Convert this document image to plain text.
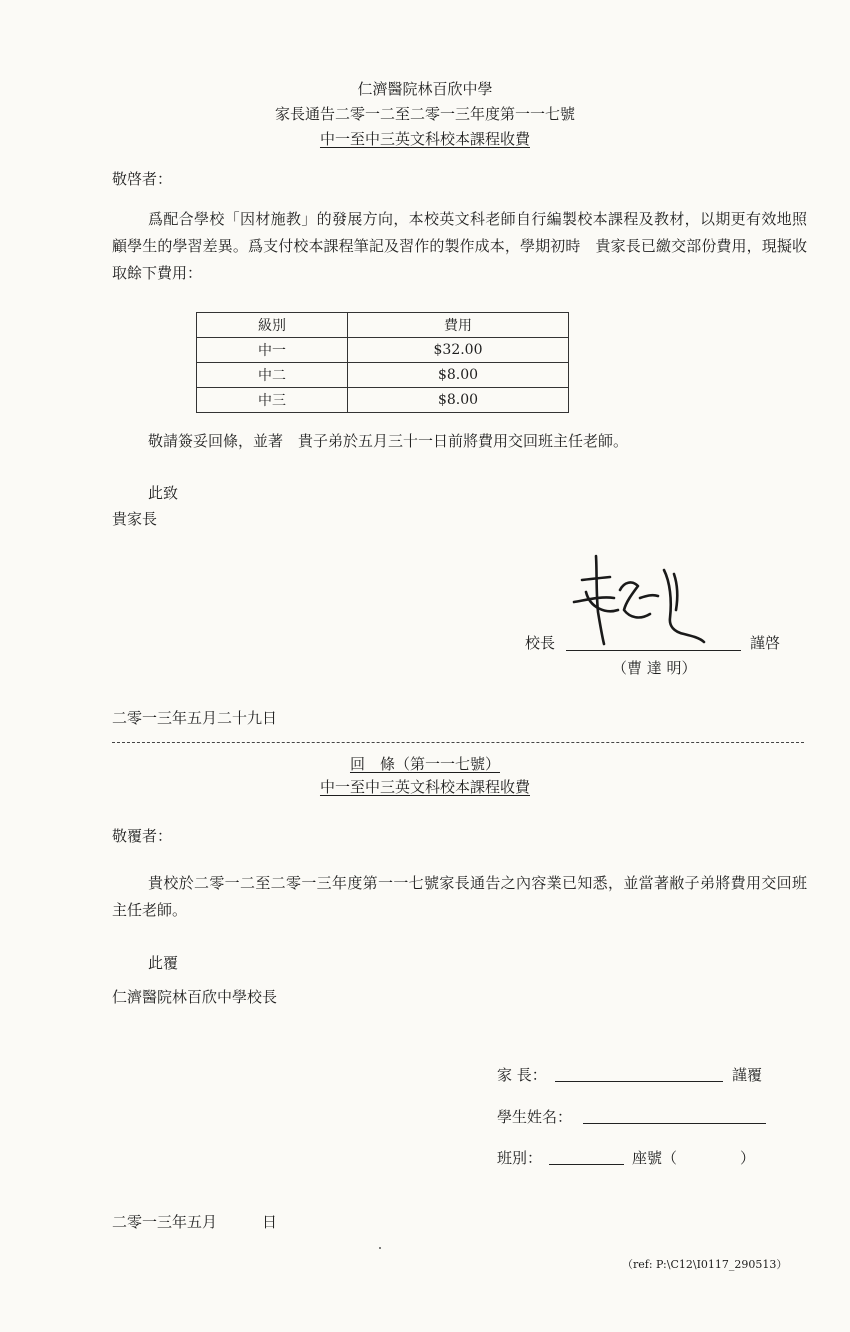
仁濟醫院林百欣中學
家長通告二零一二至二零一三年度第一一七號
中一至中三英文科校本課程收費
敬啓者：
爲配合學校「因材施教」的發展方向，本校英文科老師自行編製校本課程及教材，以期更有效地照顧學生的學習差異。爲支付校本課程筆記及習作的製作成本，學期初時　貴家長已繳交部份費用，現擬收取餘下費用：
級別	費用
中一	$32.00
中二	$8.00
中三	$8.00
敬請簽妥回條，並著　貴子弟於五月三十一日前將費用交回班主任老師。
此致
貴家長
校長	謹啓
（曹 達 明）
二零一三年五月二十九日
回　條（第一一七號）
中一至中三英文科校本課程收費
敬覆者：
貴校於二零一二至二零一三年度第一一七號家長通告之內容業已知悉，並當著敝子弟將費用交回班主任老師。
此覆
仁濟醫院林百欣中學校長
家 長：	謹覆
學生姓名：
班別：	座號（	）
二零一三年五月　　　日
（ref: P:\C12\I0117_290513）
